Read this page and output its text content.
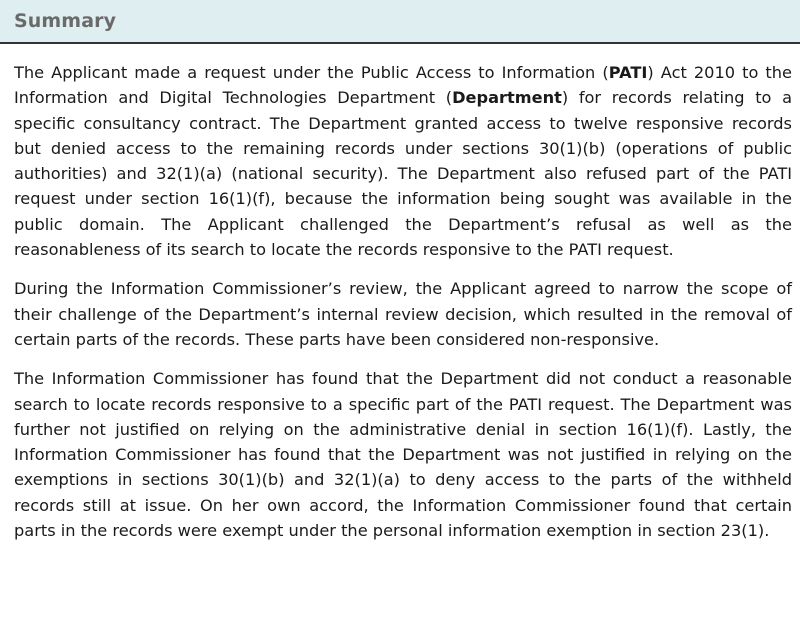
Summary

The Applicant made a request under the Public Access to Information (PATI) Act 2010 to the Information and Digital Technologies Department (Department) for records relating to a specific consultancy contract. The Department granted access to twelve responsive records but denied access to the remaining records under sections 30(1)(b) (operations of public authorities) and 32(1)(a) (national security). The Department also refused part of the PATI request under section 16(1)(f), because the information being sought was available in the public domain. The Applicant challenged the Department’s refusal as well as the reasonableness of its search to locate the records responsive to the PATI request.

During the Information Commissioner’s review, the Applicant agreed to narrow the scope of their challenge of the Department’s internal review decision, which resulted in the removal of certain parts of the records. These parts have been considered non-responsive.

The Information Commissioner has found that the Department did not conduct a reasonable search to locate records responsive to a specific part of the PATI request. The Department was further not justified on relying on the administrative denial in section 16(1)(f). Lastly, the Information Commissioner has found that the Department was not justified in relying on the exemptions in sections 30(1)(b) and 32(1)(a) to deny access to the parts of the withheld records still at issue. On her own accord, the Information Commissioner found that certain parts in the records were exempt under the personal information exemption in section 23(1).
